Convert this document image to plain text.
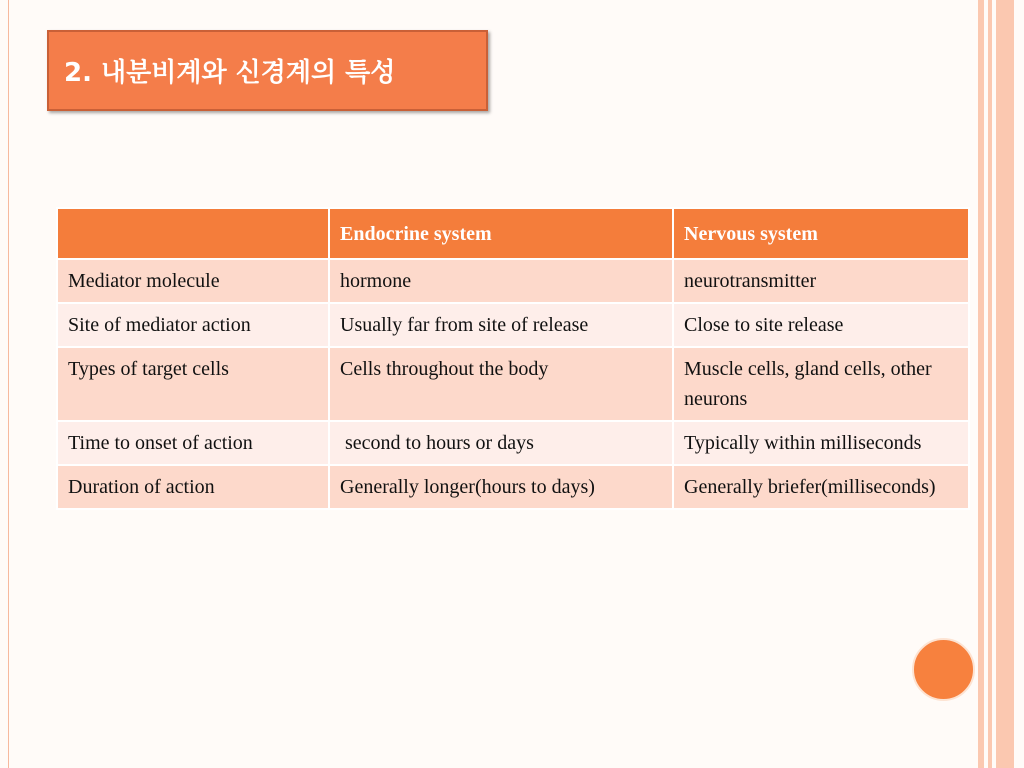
2. 내분비계와 신경계의 특성
	Endocrine system	Nervous system
Mediator molecule	hormone	neurotransmitter
Site of mediator action	Usually far from site of release	Close to site release
Types of target cells	Cells throughout the body	Muscle cells, gland cells, other neurons
Time to onset of action	second to hours or days	Typically within milliseconds
Duration of action	Generally longer(hours to days)	Generally briefer(milliseconds)
